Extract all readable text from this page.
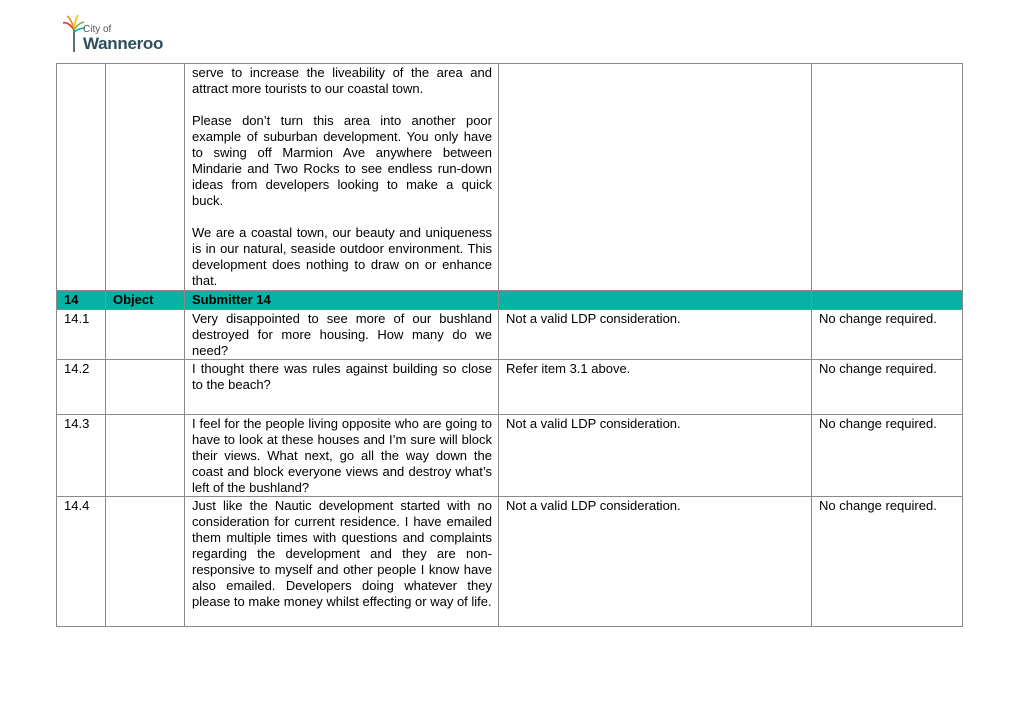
City of
Wanneroo

		serve to increase the liveability of the area and attract more tourists to our coastal town.

Please don’t turn this area into another poor example of suburban development. You only have to swing off Marmion Ave anywhere between Mindarie and Two Rocks to see endless run-down ideas from developers looking to make a quick buck.

We are a coastal town, our beauty and uniqueness is in our natural, seaside outdoor environment. This development does nothing to draw on or enhance that.		

14	Object	Submitter 14		
14.1		Very disappointed to see more of our bushland destroyed for more housing. How many do we need?	Not a valid LDP consideration.	No change required.
14.2		I thought there was rules against building so close to the beach?	Refer item 3.1 above.	No change required.
14.3		I feel for the people living opposite who are going to have to look at these houses and I’m sure will block their views. What next, go all the way down the coast and block everyone views and destroy what’s left of the bushland?	Not a valid LDP consideration.	No change required.
14.4		Just like the Nautic development started with no consideration for current residence. I have emailed them multiple times with questions and complaints regarding the development and they are non-responsive to myself and other people I know have also emailed. Developers doing whatever they please to make money whilst effecting or way of life.	Not a valid LDP consideration.	No change required.
